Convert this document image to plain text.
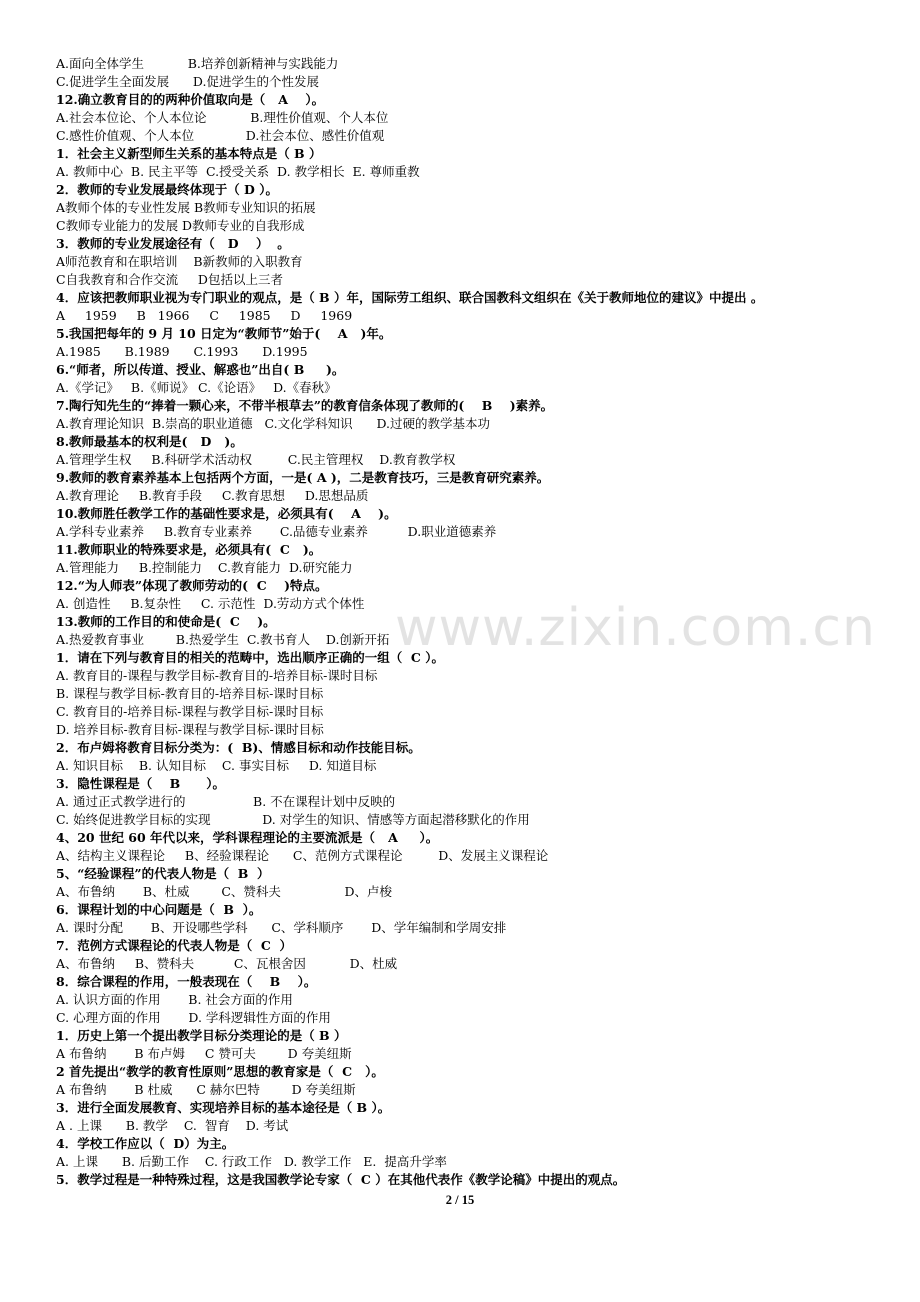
A.面向全体学生           B.培养创新精神与实践能力
C.促进学生全面发展      D.促进学生的个性发展
12.确立教育目的的两种价值取向是（   A    ）。
A.社会本位论、个人本位论           B.理性价值观、个人本位
C.感性价值观、个人本位             D.社会本位、感性价值观
1．社会主义新型师生关系的基本特点是（ B ）
A. 教师中心  B. 民主平等  C.授受关系  D. 教学相长  E. 尊师重教
2．教师的专业发展最终体现于（ D ）。
A教师个体的专业性发展 B教师专业知识的拓展
C教师专业能力的发展 D教师专业的自我形成
3．教师的专业发展途径有（   D    ）  。
A师范教育和在职培训    B新教师的入职教育
C自我教育和合作交流     D包括以上三者
4．应该把教师职业视为专门职业的观点，是（ B ）年，国际劳工组织、联合国教科文组织在《关于教师地位的建议》中提出 。
A     1959     B   1966     C     1985     D     1969
5.我国把每年的 9 月 10 日定为“教师节”始于(    A   )年。
A.1985      B.1989      C.1993      D.1995
6.“师者，所以传道、授业、解惑也”出自( B     )。
A.《学记》   B.《师说》 C.《论语》   D.《春秋》
7.陶行知先生的“捧着一颗心来，不带半根草去”的教育信条体现了教师的(    B    )素养。
A.教育理论知识  B.崇高的职业道德   C.文化学科知识      D.过硬的教学基本功
8.教师最基本的权利是(   D   )。
A.管理学生权     B.科研学术活动权         C.民主管理权    D.教育教学权
9.教师的教育素养基本上包括两个方面，一是( A )，二是教育技巧，三是教育研究素养。
A.教育理论     B.教育手段     C.教育思想     D.思想品质
10.教师胜任教学工作的基础性要求是，必须具有(    A    )。
A.学科专业素养     B.教育专业素养       C.品德专业素养          D.职业道德素养
11.教师职业的特殊要求是，必须具有(  C   )。
A.管理能力     B.控制能力    C.教育能力  D.研究能力
12.“为人师表”体现了教师劳动的(  C    )特点。
A. 创造性     B.复杂性     C. 示范性  D.劳动方式个体性
13.教师的工作目的和使命是(  C    )。
A.热爱教育事业        B.热爱学生  C.教书育人    D.创新开拓
1．请在下列与教育目的相关的范畴中，选出顺序正确的一组（  C ）。
A. 教育目的-课程与教学目标-教育目的-培养目标-课时目标
B. 课程与教学目标-教育目的-培养目标-课时目标
C. 教育目的-培养目标-课程与教学目标-课时目标
D. 培养目标-教育目标-课程与教学目标-课时目标
2．布卢姆将教育目标分类为：(  B)、情感目标和动作技能目标。
A. 知识目标    B. 认知目标    C. 事实目标     D. 知道目标
3．隐性课程是（    B      ）。
A. 通过正式教学进行的                 B. 不在课程计划中反映的
C. 始终促进教学目标的实现             D. 对学生的知识、情感等方面起潜移默化的作用
4、20 世纪 60 年代以来，学科课程理论的主要流派是（   A     ）。
A、结构主义课程论     B、经验课程论      C、范例方式课程论         D、发展主义课程论
5、“经验课程”的代表人物是（  B  ）
A、布鲁纳       B、杜威        C、赞科夫                D、卢梭
6．课程计划的中心问题是（  B  ）。
A. 课时分配       B、开设哪些学科      C、学科顺序       D、学年编制和学周安排
7．范例方式课程论的代表人物是（  C  ）
A、布鲁纳     B、赞科夫          C、瓦根舍因           D、杜威
8．综合课程的作用，一般表现在（    B    ）。
A. 认识方面的作用       B. 社会方面的作用
C. 心理方面的作用       D. 学科逻辑性方面的作用
1．历史上第一个提出教学目标分类理论的是（ B ）
A 布鲁纳       B 布卢姆     C 赞可夫        D 夸美纽斯
2 首先提出“教学的教育性原则”思想的教育家是（  C   ）。
A 布鲁纳       B 杜威      C 赫尔巴特        D 夸美纽斯
3．进行全面发展教育、实现培养目标的基本途径是（ B ）。
A . 上课      B. 教学    C.  智育    D. 考试
4．学校工作应以（  D）为主。
A. 上课      B. 后勤工作    C. 行政工作   D. 教学工作   E.  提高升学率
5．教学过程是一种特殊过程，这是我国教学论专家（  C ）在其他代表作《教学论稿》中提出的观点。
www.zixin.com.cn
2 / 15
